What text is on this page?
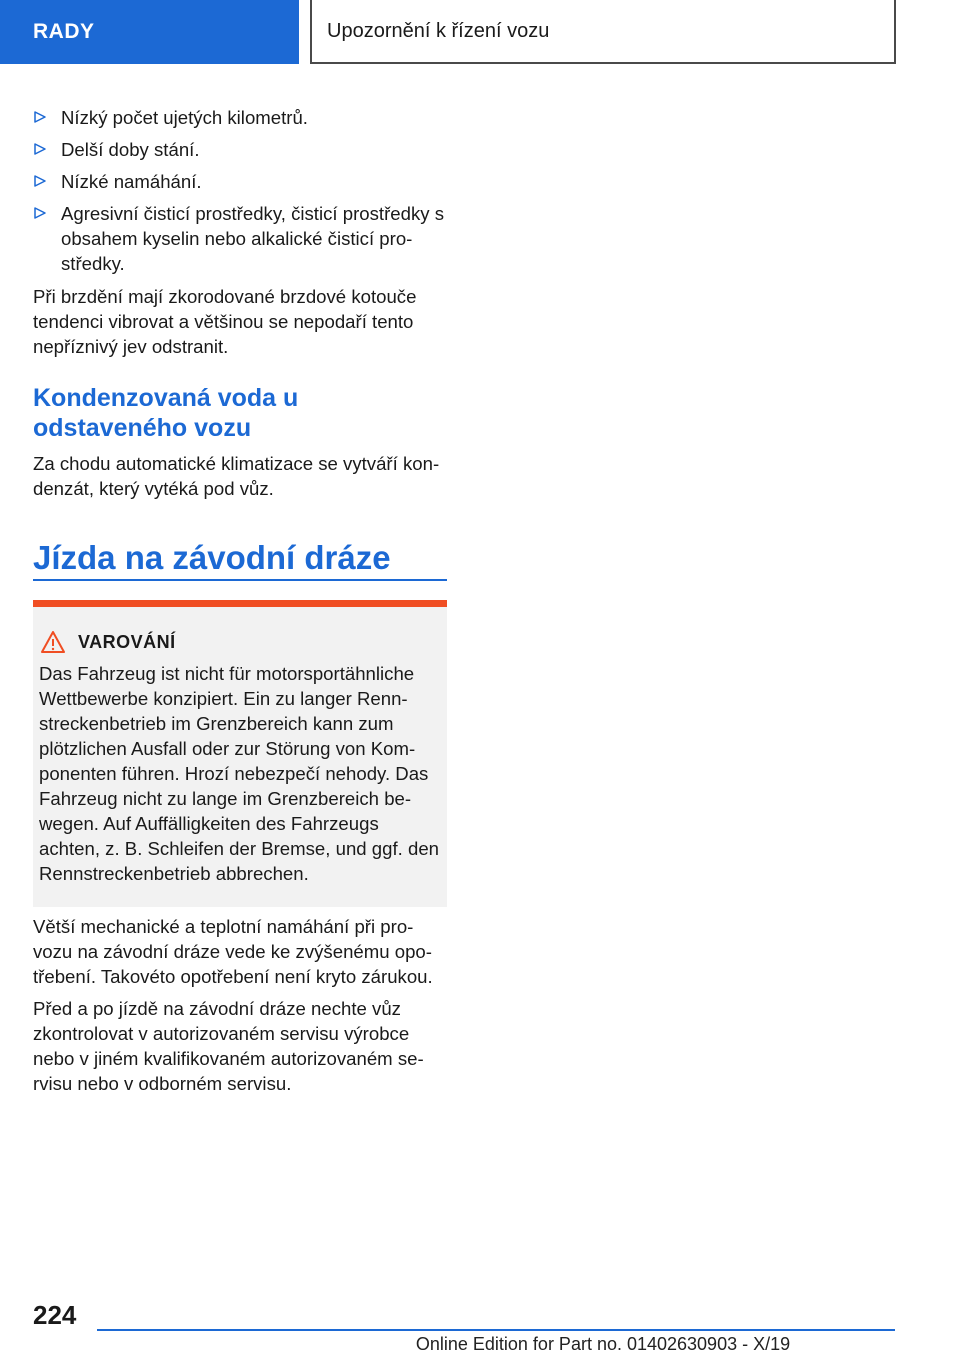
RADY	Upozornění k řízení vozu
Nízký počet ujetých kilometrů.
Delší doby stání.
Nízké namáhání.
Agresivní čisticí prostředky, čisticí prostředky s obsahem kyselin nebo alkalické čisticí pro-středky.
Při brzdění mají zkorodované brzdové kotouče tendenci vibrovat a většinou se nepodaří tento nepříznivý jev odstranit.
Kondenzovaná voda u odstaveného vozu
Za chodu automatické klimatizace se vytváří kon-denzát, který vytéká pod vůz.
Jízda na závodní dráze
VAROVÁNÍ
Das Fahrzeug ist nicht für motorsportähnliche Wettbewerbe konzipiert. Ein zu langer Renn-streckenbetrieb im Grenzbereich kann zum plötzlichen Ausfall oder zur Störung von Kom-ponenten führen. Hrozí nebezpečí nehody. Das Fahrzeug nicht zu lange im Grenzbereich be-wegen. Auf Auffälligkeiten des Fahrzeugs achten, z. B. Schleifen der Bremse, und ggf. den Rennstreckenbetrieb abbrechen.
Větší mechanické a teplotní namáhání při pro-vozu na závodní dráze vede ke zvýšenému opo-třebení. Takovéto opotřebení není kryto zárukou.
Před a po jízdě na závodní dráze nechte vůz zkontrolovat v autorizovaném servisu výrobce nebo v jiném kvalifikovaném autorizovaném se-rvisu nebo v odborném servisu.
224
Online Edition for Part no. 01402630903 - X/19
